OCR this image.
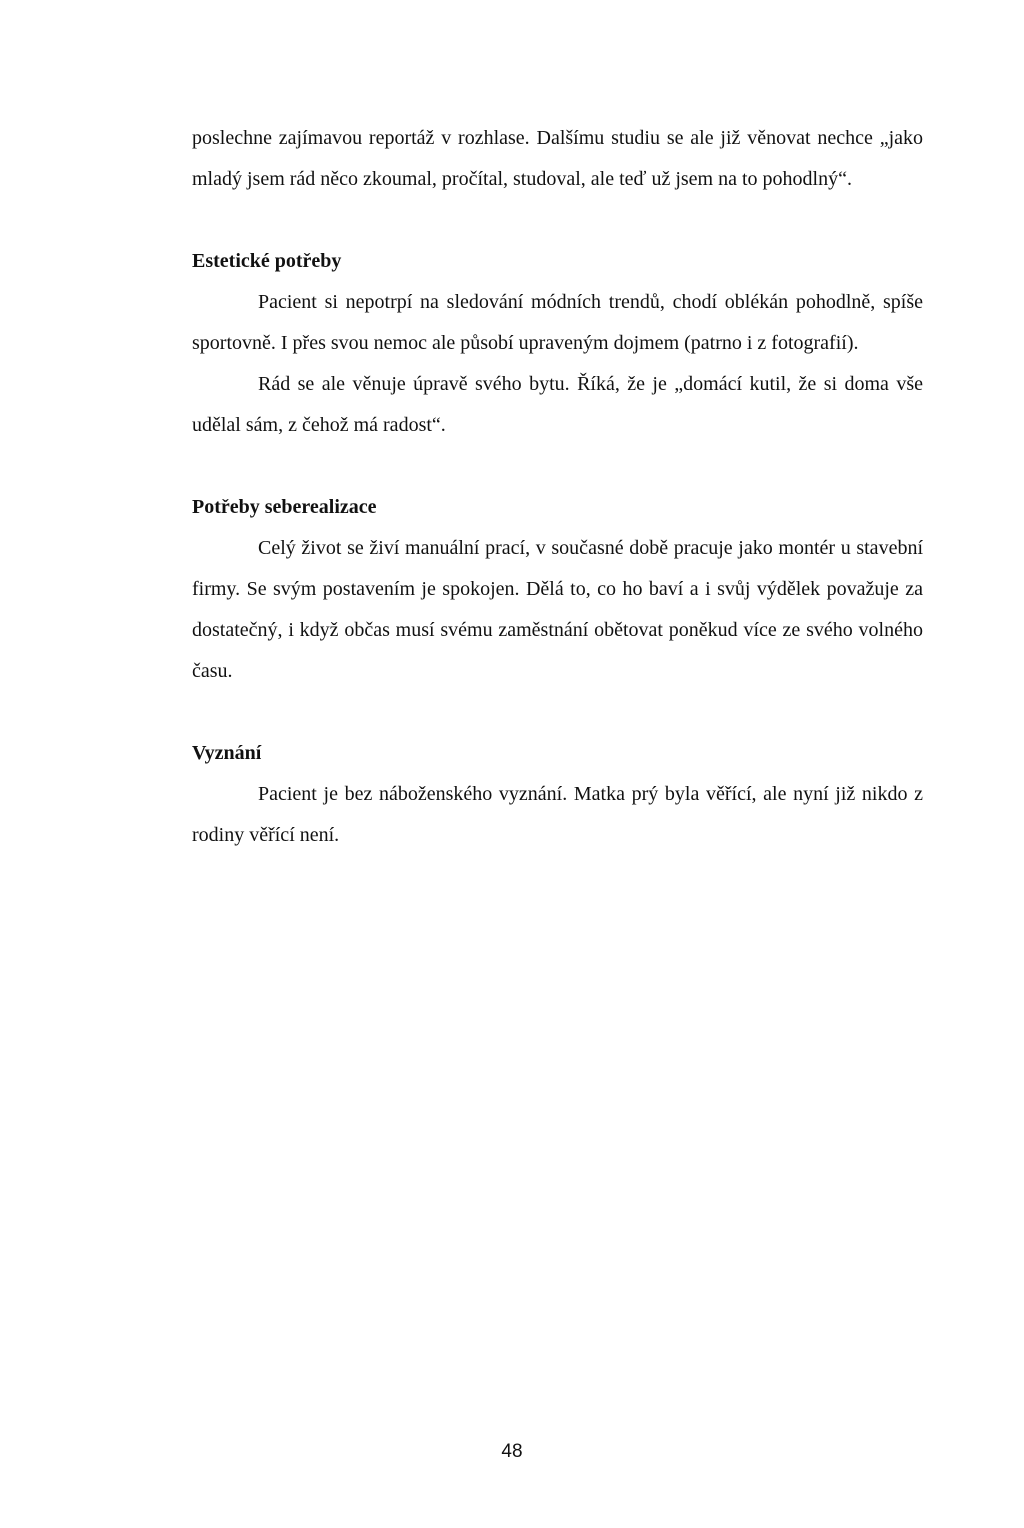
poslechne zajímavou reportáž v rozhlase. Dalšímu studiu se ale již věnovat nechce „jako mladý jsem rád něco zkoumal, pročítal, studoval, ale teď už jsem na to pohodlný“.

Estetické potřeby

Pacient si nepotrpí na sledování módních trendů, chodí oblékán pohodlně, spíše sportovně. I přes svou nemoc ale působí upraveným dojmem (patrno i z fotografií).

Rád se ale věnuje úpravě svého bytu. Říká, že je „domácí kutil, že si doma vše udělal sám, z čehož má radost“.

Potřeby seberealizace

Celý život se živí manuální prací, v současné době pracuje jako montér u stavební firmy. Se svým postavením je spokojen. Dělá to, co ho baví a i svůj výdělek považuje za dostatečný, i když občas musí svému zaměstnání obětovat poněkud více ze svého volného času.

Vyznání

Pacient je bez náboženského vyznání. Matka prý byla věřící, ale nyní již nikdo z rodiny věřící není.

48
